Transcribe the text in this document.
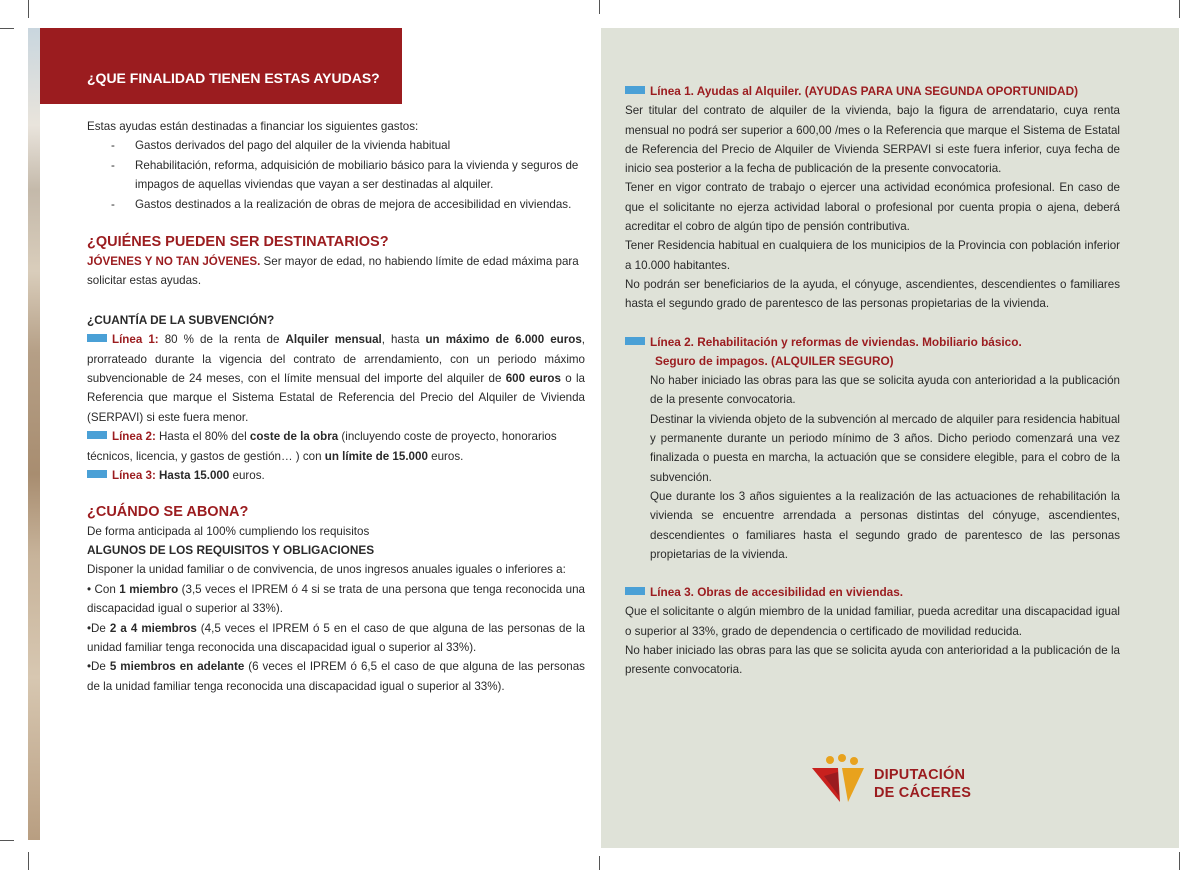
¿QUE FINALIDAD TIENEN ESTAS AYUDAS?

Estas ayudas están destinadas a financiar los siguientes gastos:

-	Gastos derivados del pago del alquiler de la vivienda habitual
-	Rehabilitación, reforma, adquisición de mobiliario básico para la vivienda y seguros de impagos de aquellas viviendas que vayan a ser destinadas al alquiler.
-	Gastos destinados a la realización de obras de mejora de accesibilidad en viviendas.

¿QUIÉNES PUEDEN SER DESTINATARIOS?

JÓVENES Y NO TAN JÓVENES. Ser mayor de edad, no habiendo límite de edad máxima para solicitar estas ayudas.

¿CUANTÍA DE LA SUBVENCIÓN?

Línea 1: 80 % de la renta de Alquiler mensual, hasta un máximo de 6.000 euros, prorrateado durante la vigencia del contrato de arrendamiento, con un periodo máximo subvencionable de 24 meses, con el límite mensual del importe del alquiler de 600 euros o la Referencia que marque el Sistema Estatal de Referencia del Precio del Alquiler de Vivienda (SERPAVI) si este fuera menor.

Línea 2: Hasta el 80% del coste de la obra (incluyendo coste de proyecto, honorarios técnicos, licencia, y gastos de gestión… ) con un límite de 15.000 euros.

Línea 3: Hasta 15.000 euros.

¿CUÁNDO SE ABONA?

De forma anticipada al 100% cumpliendo los requisitos

ALGUNOS DE LOS REQUISITOS Y OBLIGACIONES

Disponer la unidad familiar o de convivencia, de unos ingresos anuales iguales o inferiores a:

• Con 1 miembro (3,5 veces el IPREM ó 4 si se trata de una persona que tenga reconocida una discapacidad igual o superior al 33%).

•De 2 a 4 miembros (4,5 veces el IPREM ó 5 en el caso de que alguna de las personas de la unidad familiar tenga reconocida una discapacidad igual o superior al 33%).

•De 5 miembros en adelante (6 veces el IPREM ó 6,5 el caso de que alguna de las personas de la unidad familiar tenga reconocida una discapacidad igual o superior al 33%).

Línea 1. Ayudas al Alquiler. (AYUDAS PARA UNA SEGUNDA OPORTUNIDAD)

Ser titular del contrato de alquiler de la vivienda, bajo la figura de arrendatario, cuya renta mensual no podrá ser superior a 600,00 /mes o la Referencia que marque el Sistema de Estatal de Referencia del Precio de Alquiler de Vivienda SERPAVI si este fuera inferior, cuya fecha de inicio sea posterior a la fecha de publicación de la presente convocatoria.

Tener en vigor contrato de trabajo o ejercer una actividad económica profesional. En caso de que el solicitante no ejerza actividad laboral o profesional por cuenta propia o ajena, deberá acreditar el cobro de algún tipo de pensión contributiva.

Tener Residencia habitual en cualquiera de los municipios de la Provincia con población inferior a 10.000 habitantes.

No podrán ser beneficiarios de la ayuda, el cónyuge, ascendientes, descendientes o familiares hasta el segundo grado de parentesco de las personas propietarias de la vivienda.

Línea 2. Rehabilitación y reformas de viviendas. Mobiliario básico.

Seguro de impagos. (ALQUILER SEGURO)

No haber iniciado las obras para las que se solicita ayuda con anterioridad a la publicación de la presente convocatoria.

Destinar la vivienda objeto de la subvención al mercado de alquiler para residencia habitual y permanente durante un periodo mínimo de 3 años. Dicho periodo comenzará una vez finalizada o puesta en marcha, la actuación que se considere elegible, para el cobro de la subvención.

Que durante los 3 años siguientes a la realización de las actuaciones de rehabilitación la vivienda se encuentre arrendada a personas distintas del cónyuge, ascendientes, descendientes o familiares hasta el segundo grado de parentesco de las personas propietarias de la vivienda.

Línea 3. Obras de accesibilidad en viviendas.

Que el solicitante o algún miembro de la unidad familiar, pueda acreditar una discapacidad igual o superior al 33%, grado de dependencia o certificado de movilidad reducida.

No haber iniciado las obras para las que se solicita ayuda con anterioridad a la publicación de la presente convocatoria.

DIPUTACIÓN
DE CÁCERES
